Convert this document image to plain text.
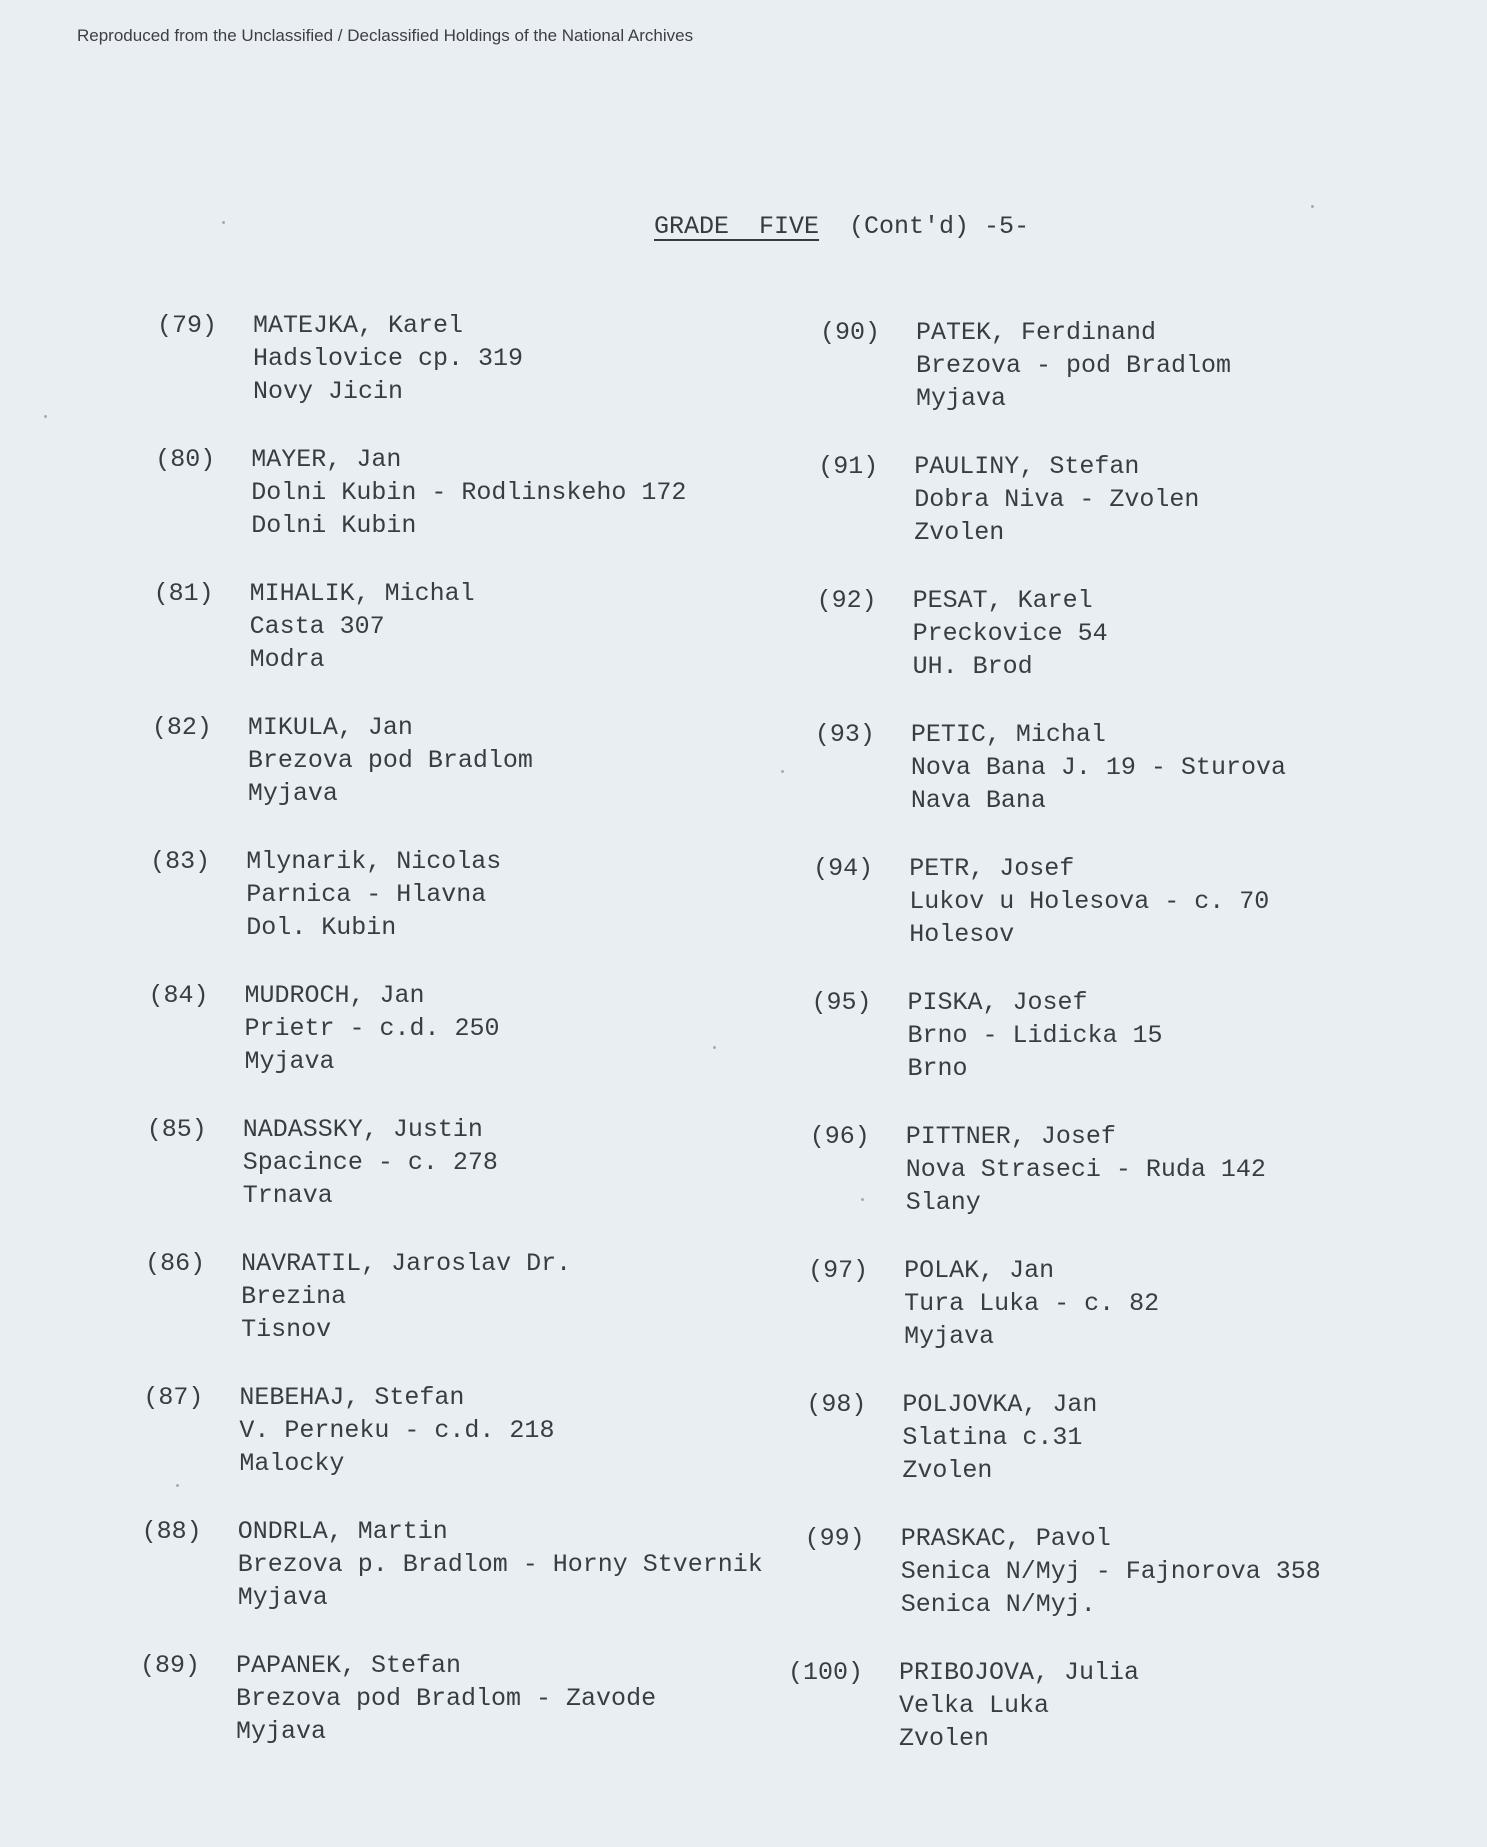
Reproduced from the Unclassified / Declassified Holdings of the National Archives
GRADE  FIVE  (Cont'd) -5-
(79) MATEJKA, Karel
Hadslovice cp. 319
Novy Jicin
(80) MAYER, Jan
Dolni Kubin - Rodlinskeho 172
Dolni Kubin
(81) MIHALIK, Michal
Casta 307
Modra
(82) MIKULA, Jan
Brezova pod Bradlom
Myjava
(83) Mlynarik, Nicolas
Parnica - Hlavna
Dol. Kubin
(84) MUDROCH, Jan
Prietr - c.d. 250
Myjava
(85) NADASSKY, Justin
Spacince - c. 278
Trnava
(86) NAVRATIL, Jaroslav Dr.
Brezina
Tisnov
(87) NEBEHAJ, Stefan
V. Perneku - c.d. 218
Malocky
(88) ONDRLA, Martin
Brezova p. Bradlom - Horny Stvernik
Myjava
(89) PAPANEK, Stefan
Brezova pod Bradlom - Zavode
Myjava
(90) PATEK, Ferdinand
Brezova - pod Bradlom
Myjava
(91) PAULINY, Stefan
Dobra Niva - Zvolen
Zvolen
(92) PESAT, Karel
Preckovice 54
UH. Brod
(93) PETIC, Michal
Nova Bana J. 19 - Sturova
Nava Bana
(94) PETR, Josef
Lukov u Holesova - c. 70
Holesov
(95) PISKA, Josef
Brno - Lidicka 15
Brno
(96) PITTNER, Josef
Nova Straseci - Ruda 142
Slany
(97) POLAK, Jan
Tura Luka - c. 82
Myjava
(98) POLJOVKA, Jan
Slatina c.31
Zvolen
(99) PRASKAC, Pavol
Senica N/Myj - Fajnorova 358
Senica N/Myj.
(100) PRIBOJOVA, Julia
Velka Luka
Zvolen
